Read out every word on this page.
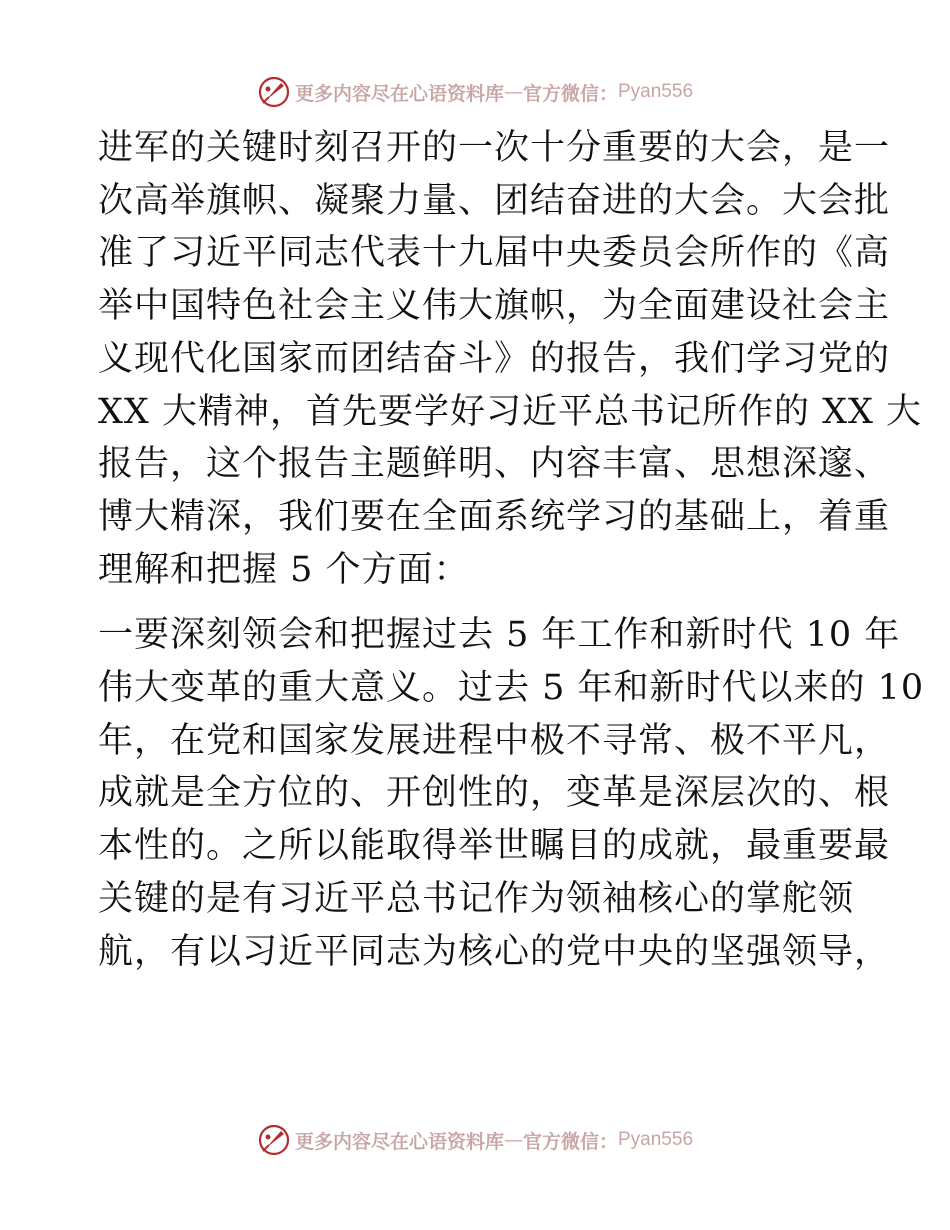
更多内容尽在心语资料库 — 官方微信： Pyan556

进军的关键时刻召开的一次十分重要的大会，是一
次高举旗帜、凝聚力量、团结奋进的大会。大会批
准了习近平同志代表十九届中央委员会所作的《高
举中国特色社会主义伟大旗帜，为全面建设社会主
义现代化国家而团结奋斗》的报告，我们学习党的
XX 大精神，首先要学好习近平总书记所作的 XX 大
报告，这个报告主题鲜明、内容丰富、思想深邃、
博大精深，我们要在全面系统学习的基础上，着重
理解和把握 5 个方面：

一要深刻领会和把握过去 5 年工作和新时代 10 年
伟大变革的重大意义。过去 5 年和新时代以来的 10
年，在党和国家发展进程中极不寻常、极不平凡，
成就是全方位的、开创性的，变革是深层次的、根
本性的。之所以能取得举世瞩目的成就，最重要最
关键的是有习近平总书记作为领袖核心的掌舵领
航，有以习近平同志为核心的党中央的坚强领导，

更多内容尽在心语资料库 — 官方微信： Pyan556
